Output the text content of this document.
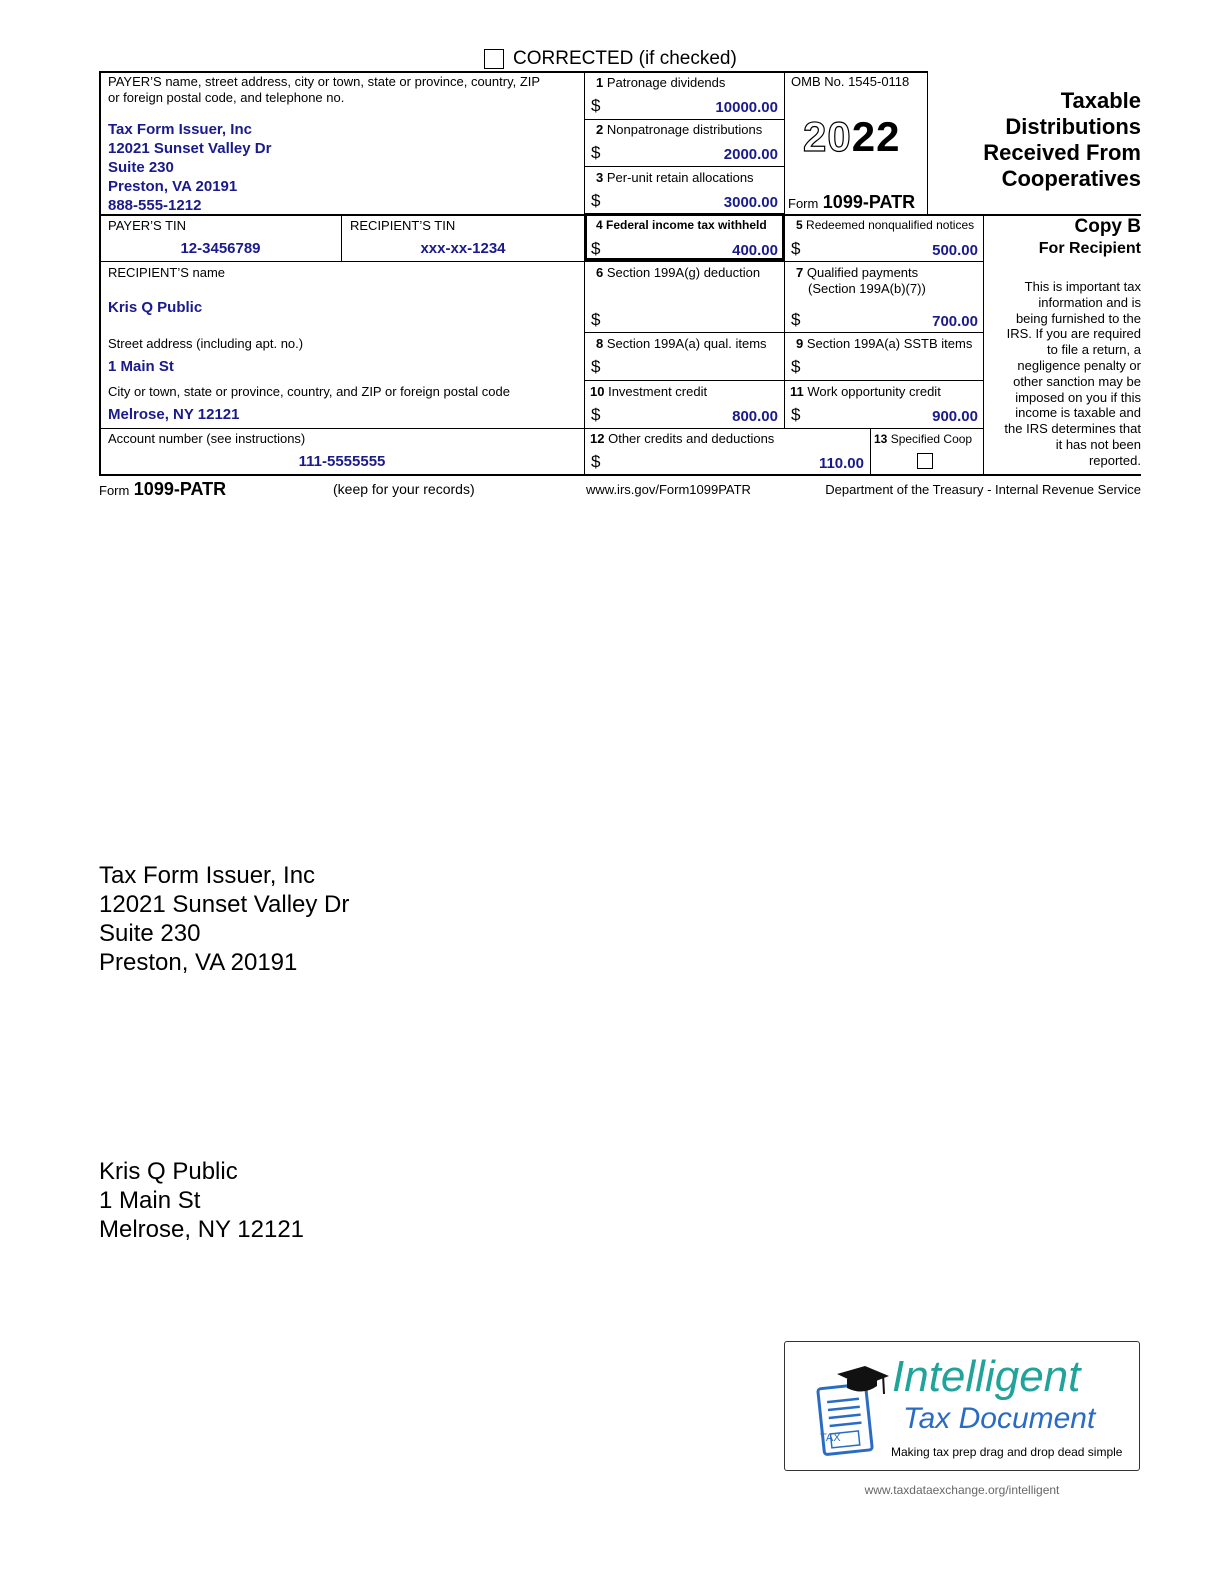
CORRECTED (if checked)
PAYER’S name, street address, city or town, state or province, country, ZIP
or foreign postal code, and telephone no.
Tax Form Issuer, Inc
12021 Sunset Valley Dr
Suite 230
Preston, VA 20191
888-555-1212
1 Patronage dividends
$	10000.00
2 Nonpatronage distributions
$	2000.00
3 Per-unit retain allocations
$	3000.00
OMB No. 1545-0118
2022
Form 1099-PATR
Taxable
Distributions
Received From
Cooperatives
PAYER’S TIN
12-3456789
RECIPIENT’S TIN
xxx-xx-1234
4 Federal income tax withheld
$	400.00
5 Redeemed nonqualified notices
$	500.00
Copy B
For Recipient
This is important tax
information and is
being furnished to the
IRS. If you are required
to file a return, a
negligence penalty or
other sanction may be
imposed on you if this
income is taxable and
the IRS determines that
it has not been
reported.
RECIPIENT’S name
Kris Q Public
6 Section 199A(g) deduction
$
7 Qualified payments
(Section 199A(b)(7))
$	700.00
Street address (including apt. no.)
1 Main St
8 Section 199A(a) qual. items
$
9 Section 199A(a) SSTB items
$
City or town, state or province, country, and ZIP or foreign postal code
Melrose, NY 12121
10 Investment credit
$	800.00
11 Work opportunity credit
$	900.00
Account number (see instructions)
111-5555555
12 Other credits and deductions
$	110.00
13 Specified Coop
Form 1099-PATR	(keep for your records)	www.irs.gov/Form1099PATR	Department of the Treasury - Internal Revenue Service
Tax Form Issuer, Inc
12021 Sunset Valley Dr
Suite 230
Preston, VA 20191
Kris Q Public
1 Main St
Melrose, NY 12121
TAX
Intelligent
Tax Document
Making tax prep drag and drop dead simple
www.taxdataexchange.org/intelligent
